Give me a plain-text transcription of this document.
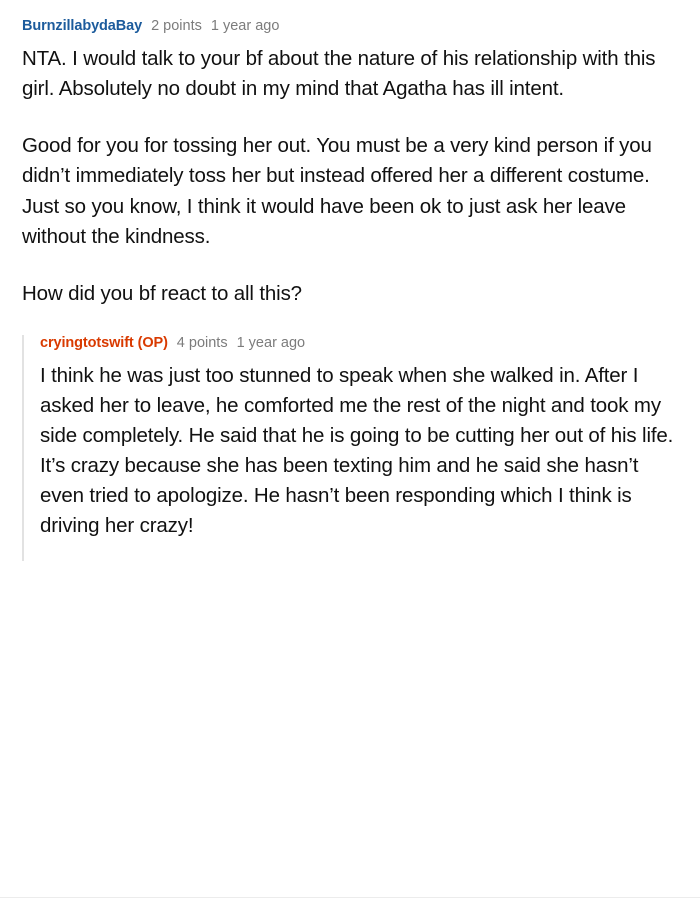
BurnzillabydaBay 2 points 1 year ago

NTA. I would talk to your bf about the nature of his relationship with this girl. Absolutely no doubt in my mind that Agatha has ill intent.

Good for you for tossing her out. You must be a very kind person if you didn’t immediately toss her but instead offered her a different costume. Just so you know, I think it would have been ok to just ask her leave without the kindness.

How did you bf react to all this?

cryingtotswift (OP) 4 points 1 year ago

I think he was just too stunned to speak when she walked in. After I asked her to leave, he comforted me the rest of the night and took my side completely. He said that he is going to be cutting her out of his life. It’s crazy because she has been texting him and he said she hasn’t even tried to apologize. He hasn’t been responding which I think is driving her crazy!
